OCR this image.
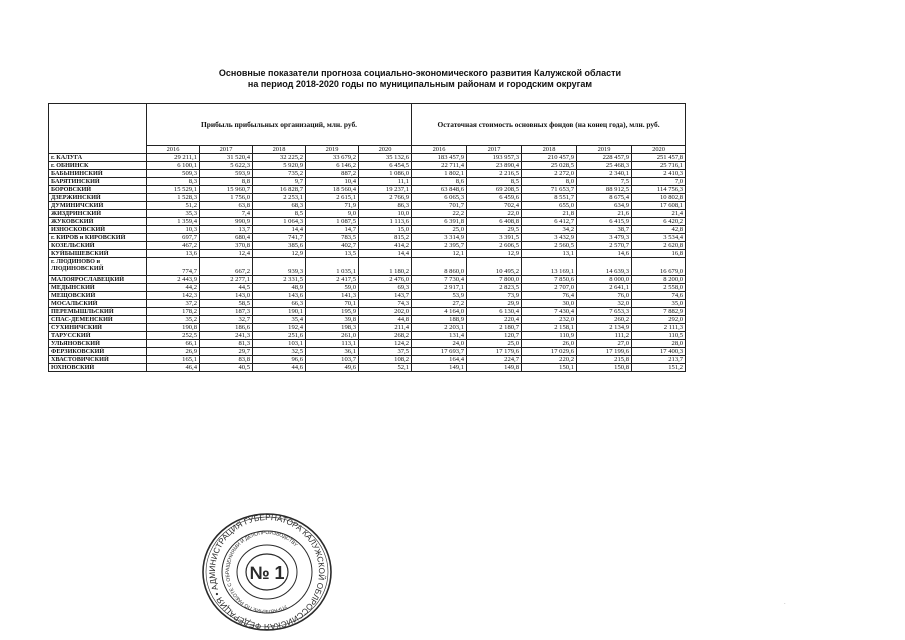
Основные показатели прогноза социально-экономического развития Калужской области
на период 2018-2020 годы по муниципальным районам и городским округам
	Прибыль прибыльных организаций, млн. руб.					Остаточная стоимость основных фондов (на конец года), млн. руб.				
	2016	2017	2018	2019	2020	2016	2017	2018	2019	2020
г. КАЛУГА	29 211,1	31 520,4	32 225,2	33 679,2	35 132,6	183 457,9	193 957,3	210 457,9	228 457,9	251 457,8
г. ОБНИНСК	6 100,1	5 622,3	5 920,9	6 146,2	6 454,5	22 711,4	23 890,4	25 028,5	25 468,3	25 716,1
БАБЫНИНСКИЙ	509,3	593,9	735,2	887,2	1 086,0	1 802,1	2 216,5	2 272,0	2 340,1	2 410,3
БАРЯТИНСКИЙ	8,3	8,8	9,7	10,4	11,1	8,6	8,5	8,0	7,5	7,0
БОРОВСКИЙ	15 529,1	15 960,7	16 828,7	18 560,4	19 237,1	63 848,6	69 208,5	71 653,7	88 912,5	114 756,3
ДЗЕРЖИНСКИЙ	1 528,3	1 756,0	2 253,1	2 615,1	2 766,9	6 065,3	6 459,6	8 551,7	8 675,4	10 802,8
ДУМИНИЧСКИЙ	51,2	63,8	68,3	71,9	86,3	701,7	702,4	655,0	634,9	17 608,1
ЖИЗДРИНСКИЙ	35,3	7,4	8,5	9,0	10,0	22,2	22,0	21,8	21,6	21,4
ЖУКОВСКИЙ	1 359,4	990,9	1 064,3	1 087,5	1 113,6	6 391,8	6 408,8	6 412,7	6 415,9	6 420,2
ИЗНОСКОВСКИЙ	10,3	13,7	14,4	14,7	15,0	25,0	29,5	34,2	38,7	42,8
г. КИРОВ и КИРОВСКИЙ	697,7	680,4	741,7	783,5	815,2	3 314,9	3 391,5	3 432,9	3 479,3	3 534,4
КОЗЕЛЬСКИЙ	467,2	370,8	385,6	402,7	414,2	2 395,7	2 606,5	2 560,5	2 570,7	2 620,8
КУЙБЫШЕВСКИЙ	13,6	12,4	12,9	13,5	14,4	12,1	12,9	13,1	14,6	16,8
г. ЛЮДИНОВО и ЛЮДИНОВСКИЙ	774,7	667,2	939,3	1 035,1	1 180,2	8 860,0	10 495,2	13 169,1	14 639,3	16 679,0
МАЛОЯРОСЛАВЕЦКИЙ	2 443,9	2 277,1	2 331,5	2 417,5	2 476,0	7 730,4	7 800,0	7 850,6	8 000,0	8 200,0
МЕДЫНСКИЙ	44,2	44,5	48,9	59,0	69,3	2 917,1	2 823,5	2 707,0	2 641,1	2 558,0
МЕЩОВСКИЙ	142,3	143,0	143,6	141,3	143,7	53,9	73,9	76,4	76,0	74,6
МОСАЛЬСКИЙ	37,2	58,5	66,3	70,1	74,3	27,2	29,9	30,0	32,0	35,0
ПЕРЕМЫШЛЬСКИЙ	178,2	187,3	190,1	195,9	202,0	4 164,0	6 130,4	7 430,4	7 653,3	7 882,9
СПАС-ДЕМЕНСКИЙ	35,2	32,7	35,4	39,8	44,8	188,9	220,4	232,0	260,2	292,0
СУХИНИЧСКИЙ	190,8	186,6	192,4	198,3	211,4	2 203,1	2 180,7	2 158,1	2 134,9	2 111,3
ТАРУССКИЙ	252,5	241,3	251,6	261,0	268,2	131,4	120,7	110,9	111,2	110,5
УЛЬЯНОВСКИЙ	66,1	81,3	103,1	113,1	124,2	24,0	25,0	26,0	27,0	28,0
ФЕРЗИКОВСКИЙ	26,9	29,7	32,5	36,1	37,5	17 693,7	17 179,6	17 029,6	17 199,6	17 400,3
ХВАСТОВИЧСКИЙ	165,1	83,8	96,6	103,7	108,2	164,4	224,7	220,2	215,8	213,7
ЮХНОВСКИЙ	46,4	40,5	44,6	49,6	52,1	149,1	149,8	150,1	150,8	151,2
РОССИЙСКАЯ ФЕДЕРАЦИЯ • АДМИНИСТРАЦИЯ ГУБЕРНАТОРА КАЛУЖСКОЙ ОБЛАСТИ
УПРАВЛЕНИЕ ПО РАБОТЕ С ОБРАЩЕНИЯМИ И ДЕЛОПРОИЗВОДСТВУ
№ 1
.
